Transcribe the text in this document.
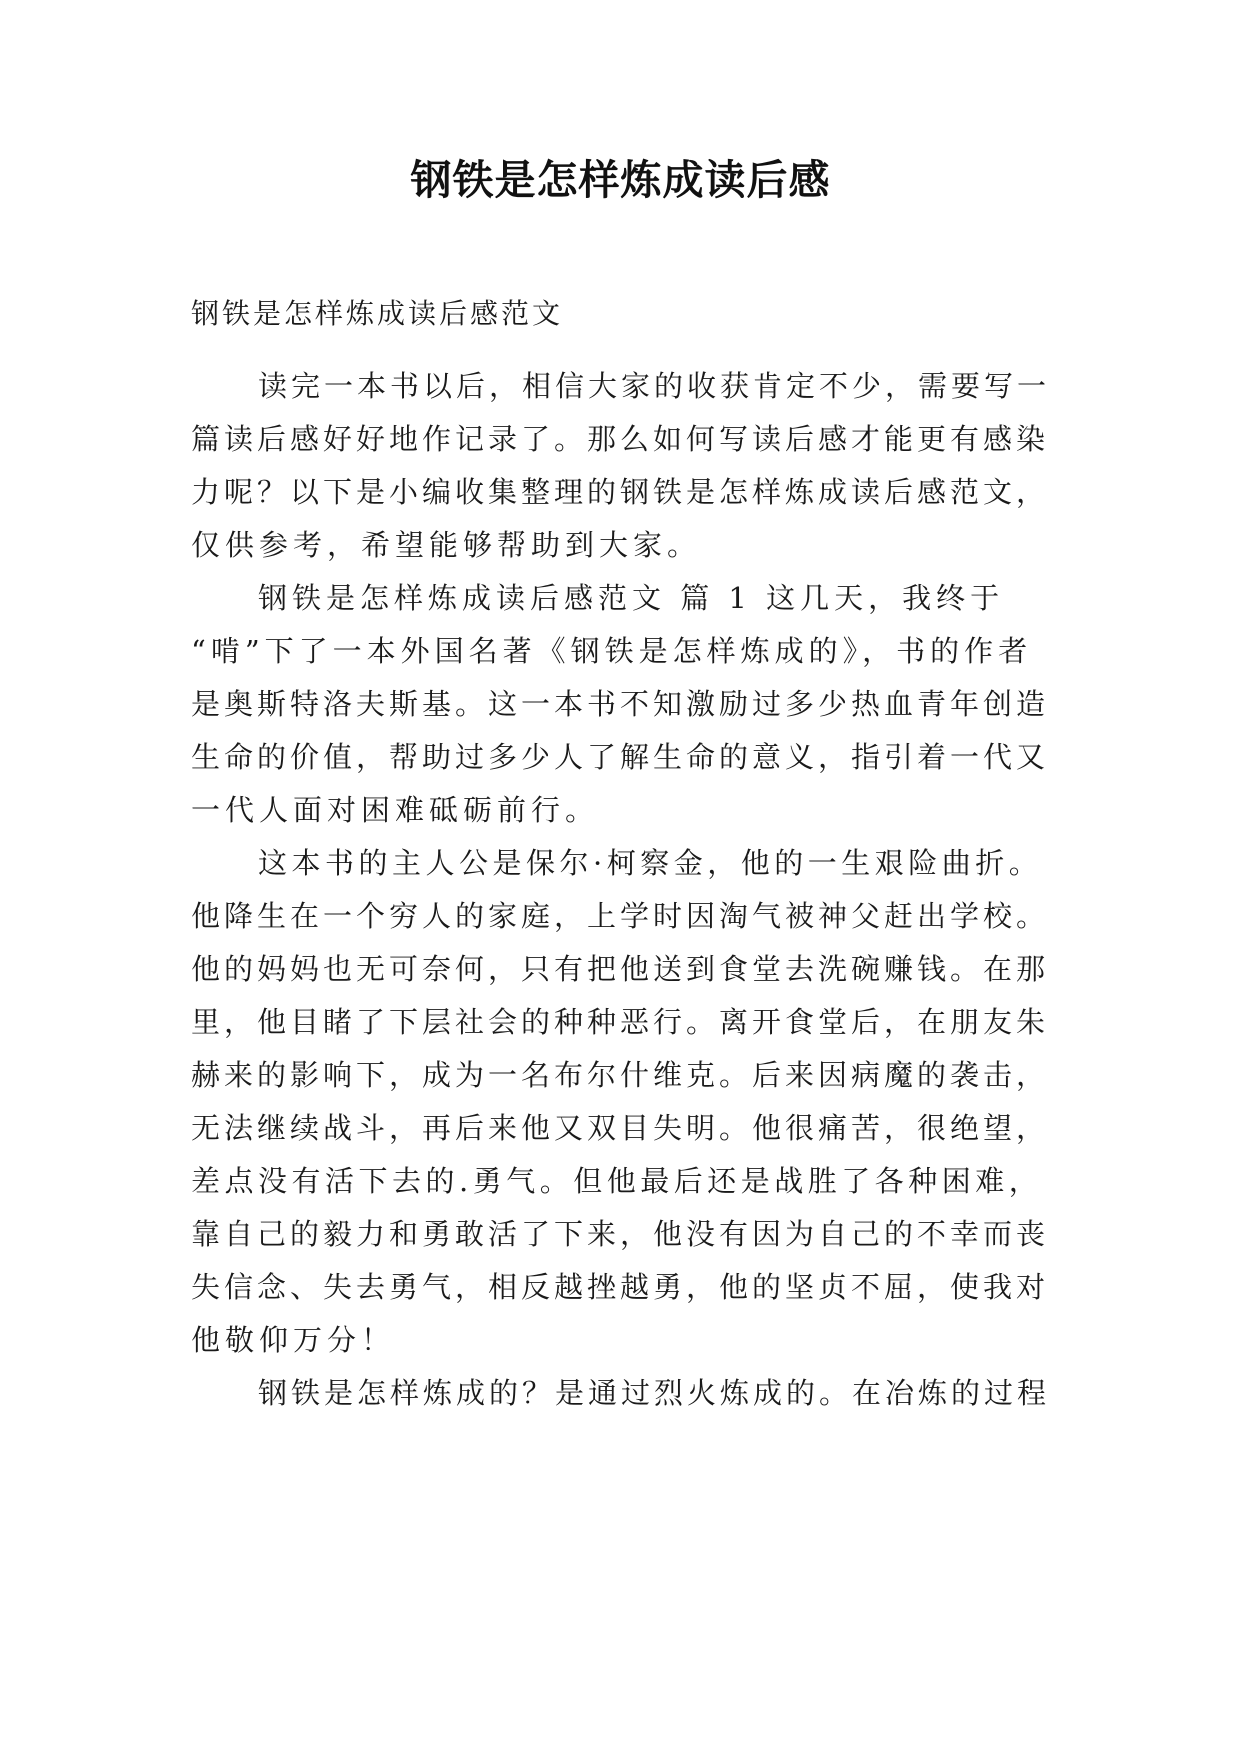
钢铁是怎样炼成读后感
钢铁是怎样炼成读后感范文
读完一本书以后，相信大家的收获肯定不少，需要写一
篇读后感好好地作记录了。那么如何写读后感才能更有感染
力呢？以下是小编收集整理的钢铁是怎样炼成读后感范文，
仅供参考，希望能够帮助到大家。
钢铁是怎样炼成读后感范文 篇 1 这几天，我终于
“啃”下了一本外国名著《钢铁是怎样炼成的》，书的作者
是奥斯特洛夫斯基。这一本书不知激励过多少热血青年创造
生命的价值，帮助过多少人了解生命的意义，指引着一代又
一代人面对困难砥砺前行。
这本书的主人公是保尔·柯察金，他的一生艰险曲折。
他降生在一个穷人的家庭，上学时因淘气被神父赶出学校。
他的妈妈也无可奈何，只有把他送到食堂去洗碗赚钱。在那
里，他目睹了下层社会的种种恶行。离开食堂后，在朋友朱
赫来的影响下，成为一名布尔什维克。后来因病魔的袭击，
无法继续战斗，再后来他又双目失明。他很痛苦，很绝望，
差点没有活下去的.勇气。但他最后还是战胜了各种困难，
靠自己的毅力和勇敢活了下来，他没有因为自己的不幸而丧
失信念、失去勇气，相反越挫越勇，他的坚贞不屈，使我对
他敬仰万分！
钢铁是怎样炼成的？是通过烈火炼成的。在冶炼的过程
